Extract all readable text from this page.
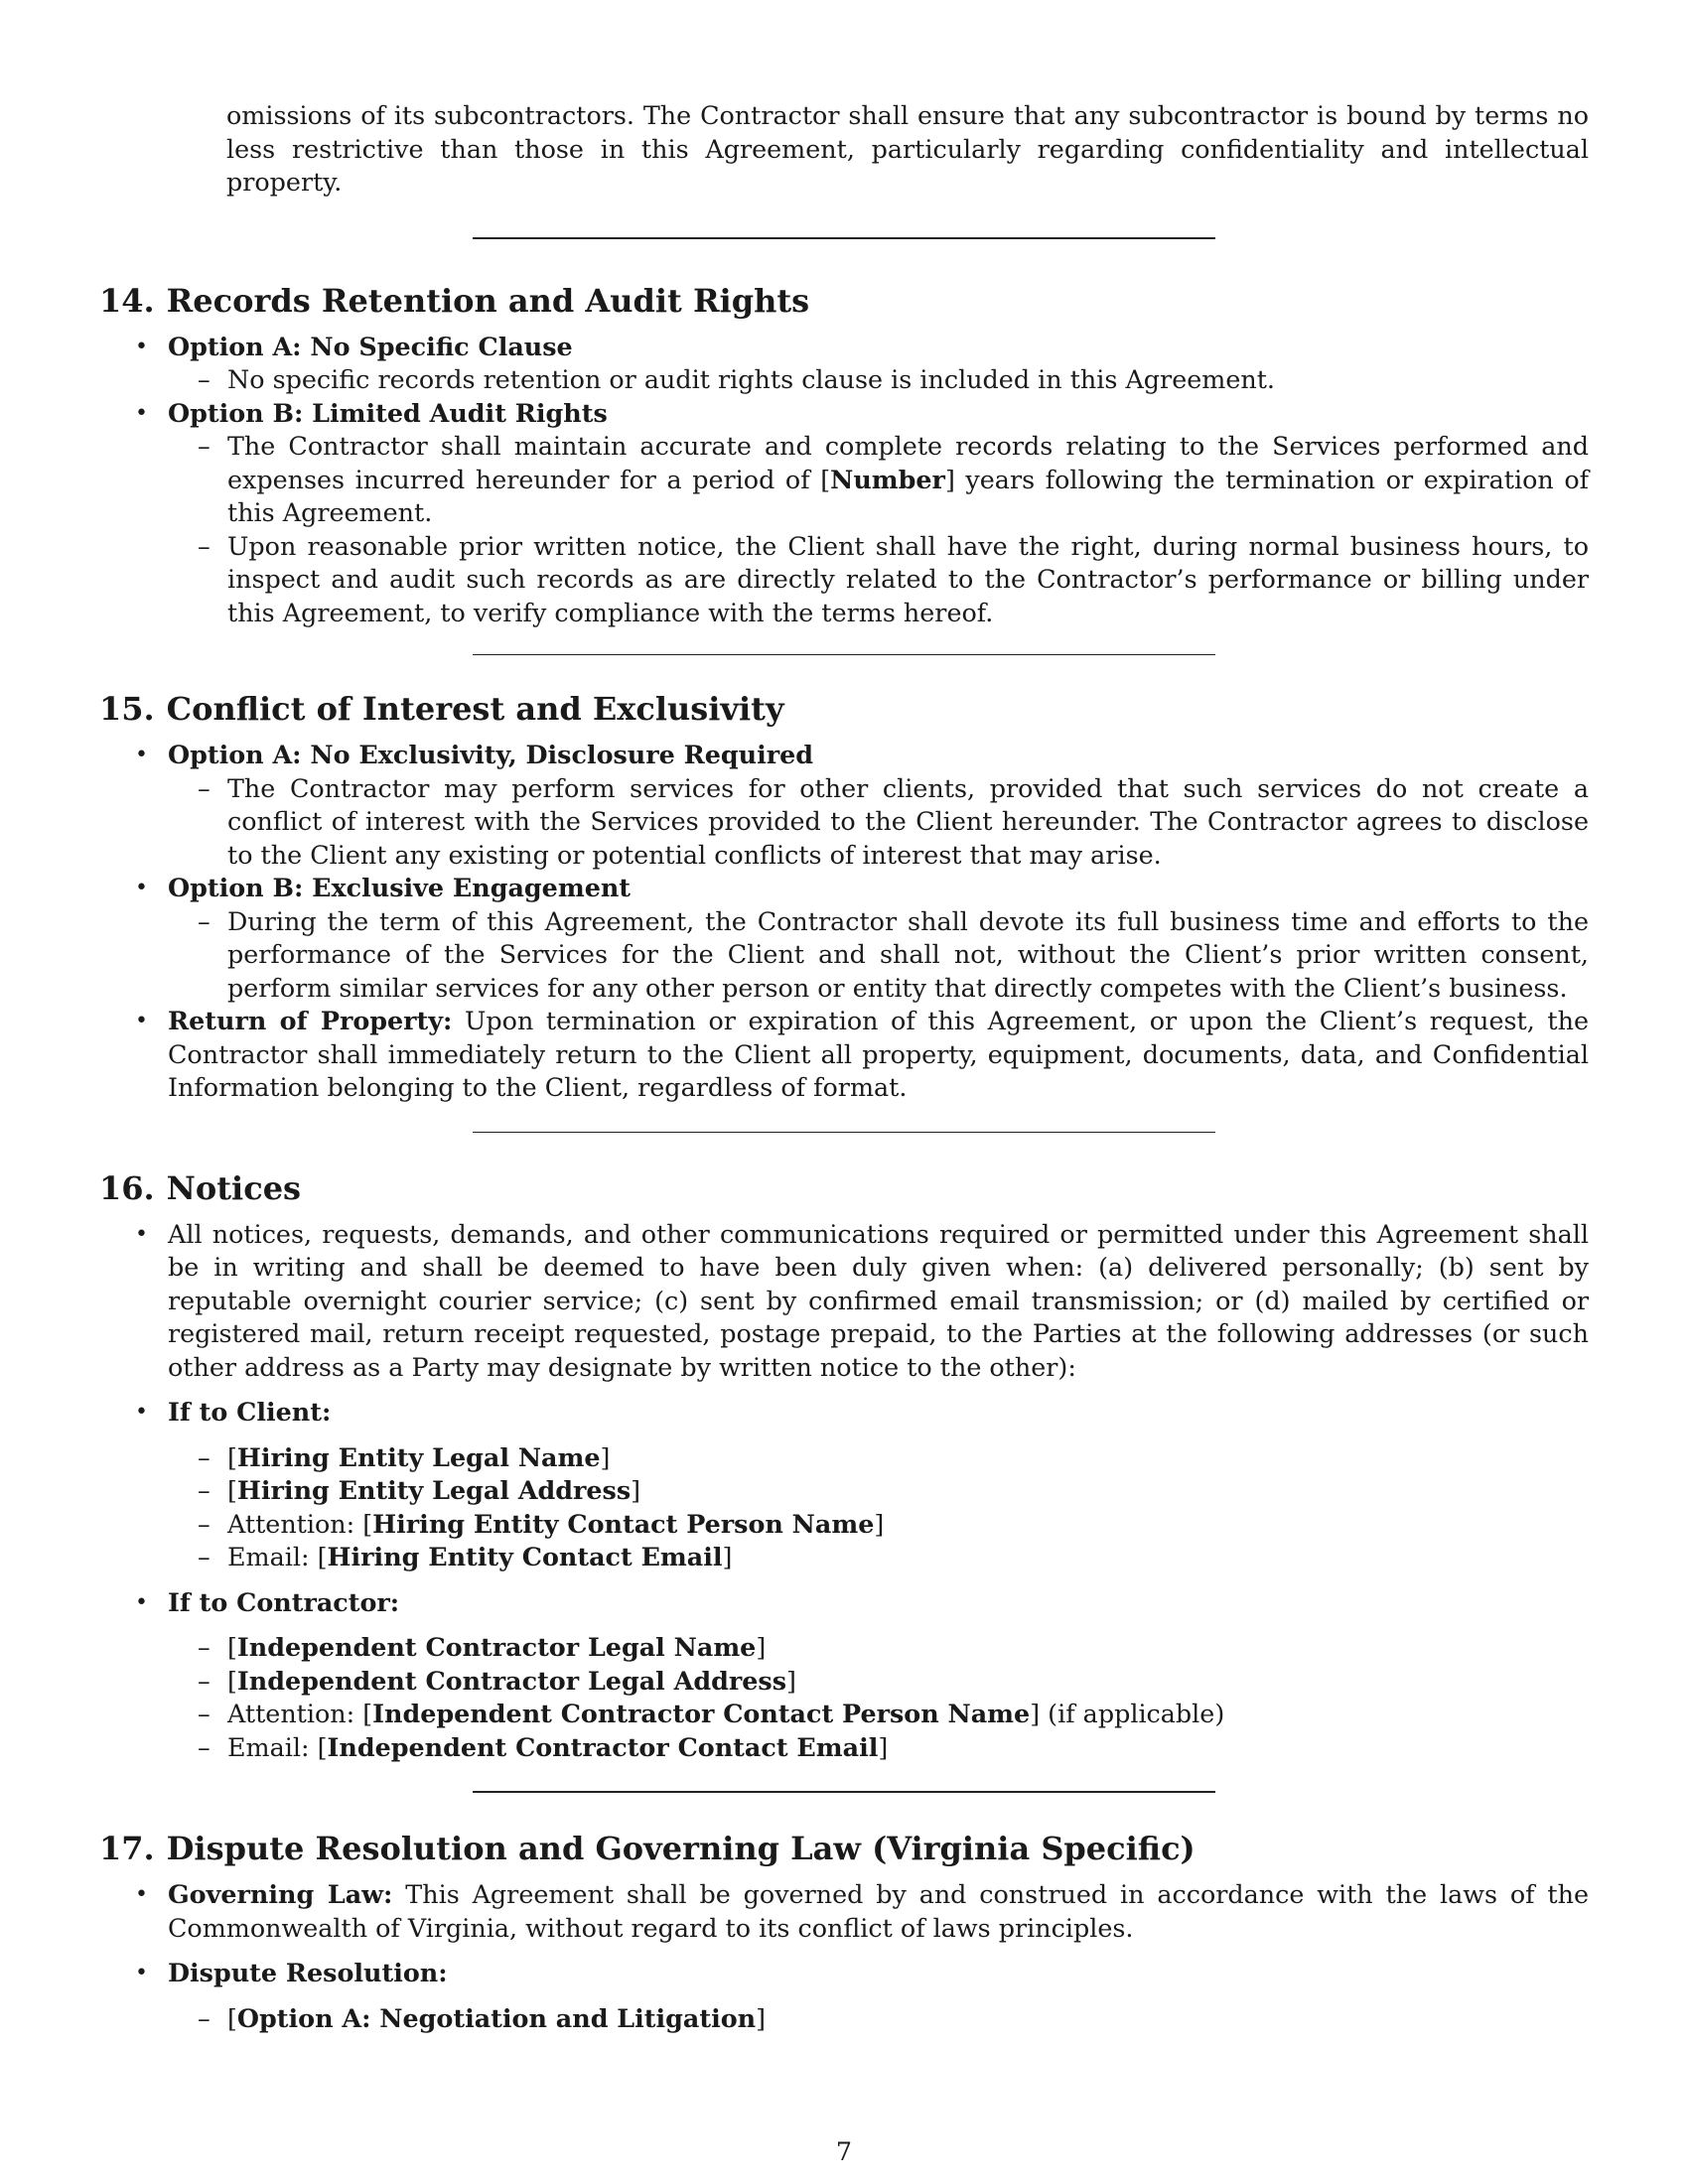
omissions of its subcontractors. The Contractor shall ensure that any subcontractor is bound by terms no less restrictive than those in this Agreement, particularly regarding confidentiality and intellectual property.

14. Records Retention and Audit Rights
• Option A: No Specific Clause
– No specific records retention or audit rights clause is included in this Agreement.
• Option B: Limited Audit Rights
– The Contractor shall maintain accurate and complete records relating to the Services performed and expenses incurred hereunder for a period of [Number] years following the termination or expiration of this Agreement.
– Upon reasonable prior written notice, the Client shall have the right, during normal business hours, to inspect and audit such records as are directly related to the Contractor’s performance or billing under this Agreement, to verify compliance with the terms hereof.
15. Conflict of Interest and Exclusivity
• Option A: No Exclusivity, Disclosure Required
– The Contractor may perform services for other clients, provided that such services do not create a conflict of interest with the Services provided to the Client hereunder. The Contractor agrees to disclose to the Client any existing or potential conflicts of interest that may arise.
• Option B: Exclusive Engagement
– During the term of this Agreement, the Contractor shall devote its full business time and efforts to the performance of the Services for the Client and shall not, without the Client’s prior written consent, perform similar services for any other person or entity that directly competes with the Client’s business.
• Return of Property: Upon termination or expiration of this Agreement, or upon the Client’s request, the Contractor shall immediately return to the Client all property, equipment, documents, data, and Confidential Information belonging to the Client, regardless of format.
16. Notices
• All notices, requests, demands, and other communications required or permitted under this Agreement shall be in writing and shall be deemed to have been duly given when: (a) delivered personally; (b) sent by reputable overnight courier service; (c) sent by confirmed email transmission; or (d) mailed by certified or registered mail, return receipt requested, postage prepaid, to the Parties at the following addresses (or such other address as a Party may designate by written notice to the other):
• If to Client:
– [Hiring Entity Legal Name]
– [Hiring Entity Legal Address]
– Attention: [Hiring Entity Contact Person Name]
– Email: [Hiring Entity Contact Email]
• If to Contractor:
– [Independent Contractor Legal Name]
– [Independent Contractor Legal Address]
– Attention: [Independent Contractor Contact Person Name] (if applicable)
– Email: [Independent Contractor Contact Email]
17. Dispute Resolution and Governing Law (Virginia Specific)
• Governing Law: This Agreement shall be governed by and construed in accordance with the laws of the Commonwealth of Virginia, without regard to its conflict of laws principles.
• Dispute Resolution:
– [Option A: Negotiation and Litigation]
7
